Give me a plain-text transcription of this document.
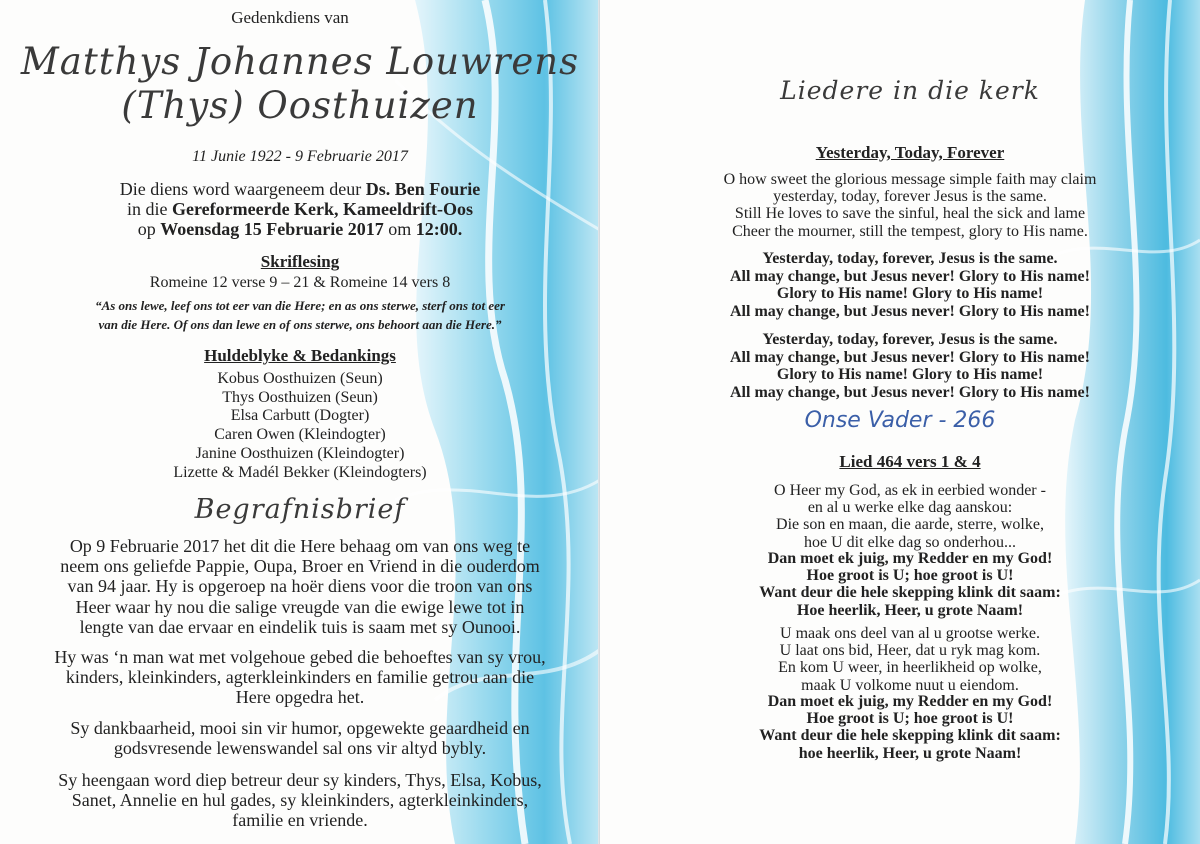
Gedenkdiens van
Matthys Johannes Louwrens
(Thys) Oosthuizen
11 Junie 1922 - 9 Februarie 2017
Die diens word waargeneem deur Ds. Ben Fourie
in die Gereformeerde Kerk, Kameeldrift-Oos
op Woensdag 15 Februarie 2017 om 12:00.
Skriflesing
Romeine 12 verse 9 – 21 & Romeine 14 vers 8
“As ons lewe, leef ons tot eer van die Here; en as ons sterwe, sterf ons tot eer
van die Here. Of ons dan lewe en of ons sterwe, ons behoort aan die Here.”
Huldeblyke & Bedankings
Kobus Oosthuizen (Seun)
Thys Oosthuizen (Seun)
Elsa Carbutt (Dogter)
Caren Owen (Kleindogter)
Janine Oosthuizen (Kleindogter)
Lizette & Madél Bekker (Kleindogters)
Begrafnisbrief
Op 9 Februarie 2017 het dit die Here behaag om van ons weg te
neem ons geliefde Pappie, Oupa, Broer en Vriend in die ouderdom
van 94 jaar. Hy is opgeroep na hoër diens voor die troon van ons
Heer waar hy nou die salige vreugde van die ewige lewe tot in
lengte van dae ervaar en eindelik tuis is saam met sy Ounooi.
Hy was ‘n man wat met volgehoue gebed die behoeftes van sy vrou,
kinders, kleinkinders, agterkleinkinders en familie getrou aan die
Here opgedra het.
Sy dankbaarheid, mooi sin vir humor, opgewekte geaardheid en
godsvresende lewenswandel sal ons vir altyd bybly.
Sy heengaan word diep betreur deur sy kinders, Thys, Elsa, Kobus,
Sanet, Annelie en hul gades, sy kleinkinders, agterkleinkinders,
familie en vriende.
Liedere in die kerk
Yesterday, Today, Forever
O how sweet the glorious message simple faith may claim
yesterday, today, forever Jesus is the same.
Still He loves to save the sinful, heal the sick and lame
Cheer the mourner, still the tempest, glory to His name.
Yesterday, today, forever, Jesus is the same.
All may change, but Jesus never! Glory to His name!
Glory to His name! Glory to His name!
All may change, but Jesus never! Glory to His name!
Yesterday, today, forever, Jesus is the same.
All may change, but Jesus never! Glory to His name!
Glory to His name! Glory to His name!
All may change, but Jesus never! Glory to His name!
Onse Vader - 266
Lied 464 vers 1 & 4
O Heer my God, as ek in eerbied wonder -
en al u werke elke dag aanskou:
Die son en maan, die aarde, sterre, wolke,
hoe U dit elke dag so onderhou...
Dan moet ek juig, my Redder en my God!
Hoe groot is U; hoe groot is U!
Want deur die hele skepping klink dit saam:
Hoe heerlik, Heer, u grote Naam!
U maak ons deel van al u grootse werke.
U laat ons bid, Heer, dat u ryk mag kom.
En kom U weer, in heerlikheid op wolke,
maak U volkome nuut u eiendom.
Dan moet ek juig, my Redder en my God!
Hoe groot is U; hoe groot is U!
Want deur die hele skepping klink dit saam:
hoe heerlik, Heer, u grote Naam!
